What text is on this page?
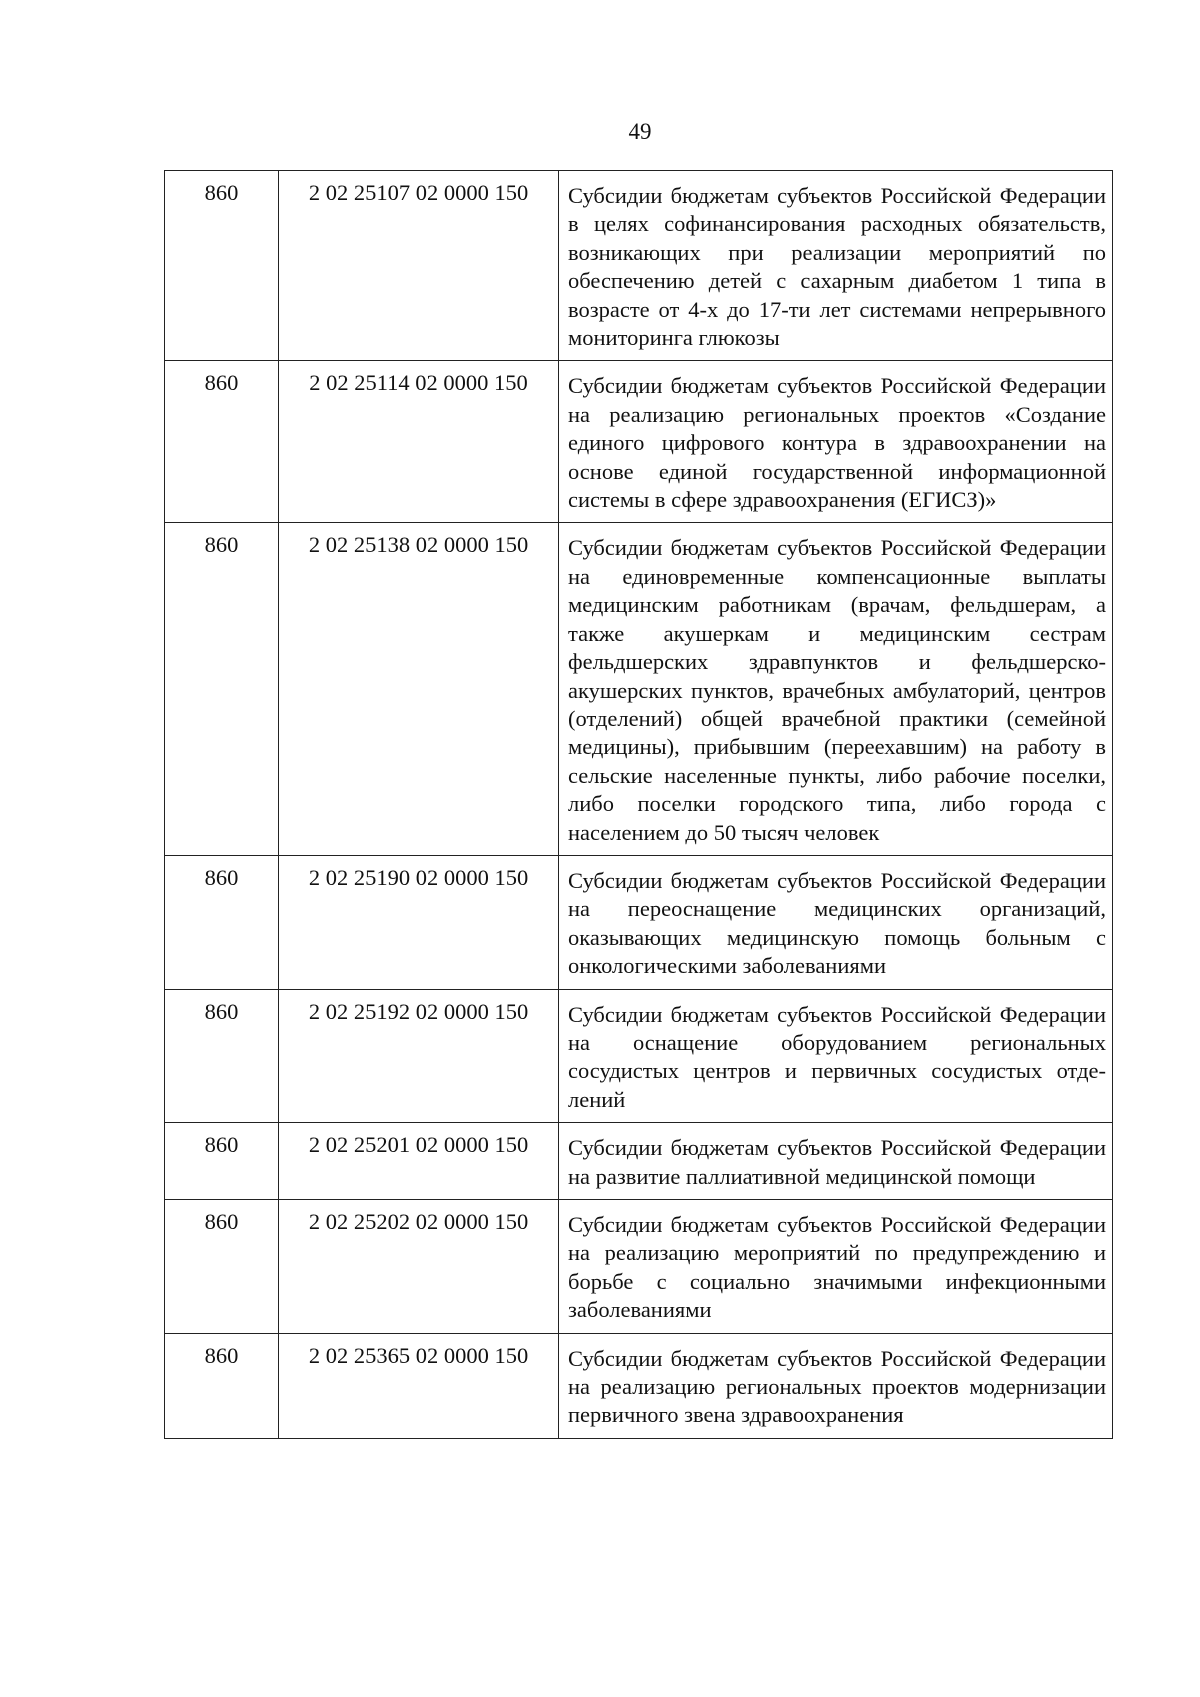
49
860	2 02 25107 02 0000 150	Субсидии бюджетам субъектов Российской Федерации в целях софинансирования расходных обязательств, возникающих при реализации мероприятий по обеспечению детей с сахарным диабетом 1 типа в возрасте от 4-х до 17-ти лет системами непрерывного мониторинга глюкозы
860	2 02 25114 02 0000 150	Субсидии бюджетам субъектов Российской Федерации на реализацию региональных проектов «Создание единого цифрового контура в здравоохранении на основе единой государственной информационной системы в сфере здравоохранения (ЕГИСЗ)»
860	2 02 25138 02 0000 150	Субсидии бюджетам субъектов Российской Федерации на единовременные компенсационные выплаты медицинским работникам (врачам, фельдшерам, а также акушеркам и медицинским сестрам фельдшерских здравпунктов и фельдшерско-акушерских пунктов, врачебных амбулаторий, центров (отделений) общей врачебной практики (семейной медицины), прибывшим (переехавшим) на работу в сельские населенные пункты, либо рабочие поселки, либо поселки городского типа, либо города с населением до 50 тысяч человек
860	2 02 25190 02 0000 150	Субсидии бюджетам субъектов Российской Федерации на переоснащение медицинских организаций, оказывающих медицинскую помощь больным с онкологическими заболеваниями
860	2 02 25192 02 0000 150	Субсидии бюджетам субъектов Российской Федерации на оснащение оборудованием региональных сосудистых центров и первичных сосудистых отделений
860	2 02 25201 02 0000 150	Субсидии бюджетам субъектов Российской Федерации на развитие паллиативной медицинской помощи
860	2 02 25202 02 0000 150	Субсидии бюджетам субъектов Российской Федерации на реализацию мероприятий по предупреждению и борьбе с социально значимыми инфекционными заболеваниями
860	2 02 25365 02 0000 150	Субсидии бюджетам субъектов Российской Федерации на реализацию региональных проектов модернизации первичного звена здравоохранения
